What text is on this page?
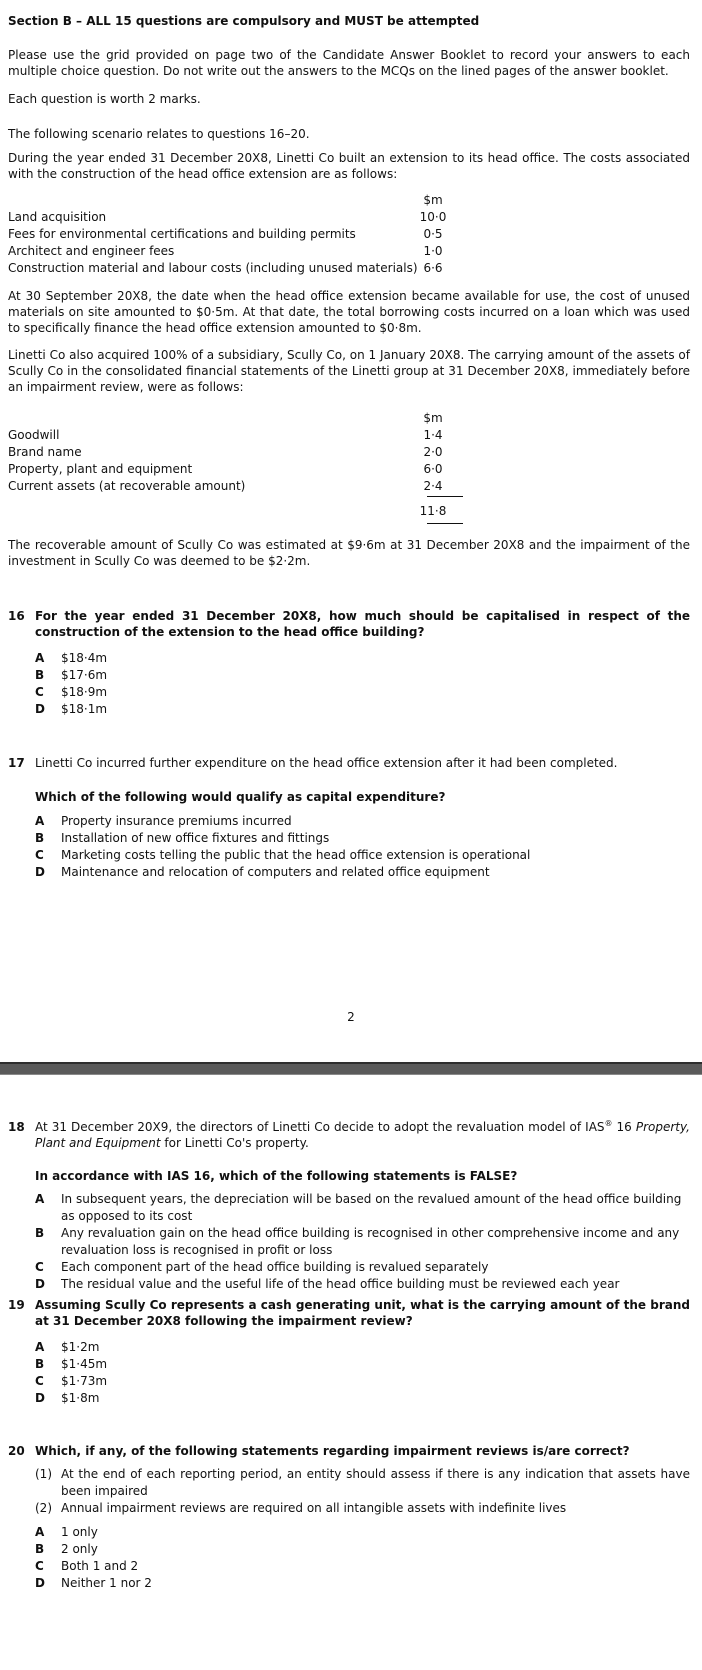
Section B – ALL 15 questions are compulsory and MUST be attempted

Please use the grid provided on page two of the Candidate Answer Booklet to record your answers to each multiple choice question. Do not write out the answers to the MCQs on the lined pages of the answer booklet.

Each question is worth 2 marks.

The following scenario relates to questions 16–20.

During the year ended 31 December 20X8, Linetti Co built an extension to its head office. The costs associated with the construction of the head office extension are as follows:

$m
Land acquisition	10·0
Fees for environmental certifications and building permits	0·5
Architect and engineer fees	1·0
Construction material and labour costs (including unused materials) 6·6

At 30 September 20X8, the date when the head office extension became available for use, the cost of unused materials on site amounted to $0·5m. At that date, the total borrowing costs incurred on a loan which was used to specifically finance the head office extension amounted to $0·8m.

Linetti Co also acquired 100% of a subsidiary, Scully Co, on 1 January 20X8. The carrying amount of the assets of Scully Co in the consolidated financial statements of the Linetti group at 31 December 20X8, immediately before an impairment review, were as follows:

$m
Goodwill	1·4
Brand name	2·0
Property, plant and equipment	6·0
Current assets (at recoverable amount)	2·4
11·8

The recoverable amount of Scully Co was estimated at $9·6m at 31 December 20X8 and the impairment of the investment in Scully Co was deemed to be $2·2m.

16 For the year ended 31 December 20X8, how much should be capitalised in respect of the construction of the extension to the head office building?

A $18·4m
B $17·6m
C $18·9m
D $18·1m
17 Linetti Co incurred further expenditure on the head office extension after it had been completed.

Which of the following would qualify as capital expenditure?

A Property insurance premiums incurred
B Installation of new office fixtures and fittings
C Marketing costs telling the public that the head office extension is operational
D Maintenance and relocation of computers and related office equipment
2
18 At 31 December 20X9, the directors of Linetti Co decide to adopt the revaluation model of IAS® 16 Property, Plant and Equipment for Linetti Co's property.

In accordance with IAS 16, which of the following statements is FALSE?

A In subsequent years, the depreciation will be based on the revalued amount of the head office building as opposed to its cost
B Any revaluation gain on the head office building is recognised in other comprehensive income and any revaluation loss is recognised in profit or loss
C Each component part of the head office building is revalued separately
D The residual value and the useful life of the head office building must be reviewed each year
19 Assuming Scully Co represents a cash generating unit, what is the carrying amount of the brand at 31 December 20X8 following the impairment review?

A $1·2m
B $1·45m
C $1·73m
D $1·8m
20 Which, if any, of the following statements regarding impairment reviews is/are correct?

(1) At the end of each reporting period, an entity should assess if there is any indication that assets have been impaired
(2) Annual impairment reviews are required on all intangible assets with indefinite lives
A 1 only
B 2 only
C Both 1 and 2
D Neither 1 nor 2
